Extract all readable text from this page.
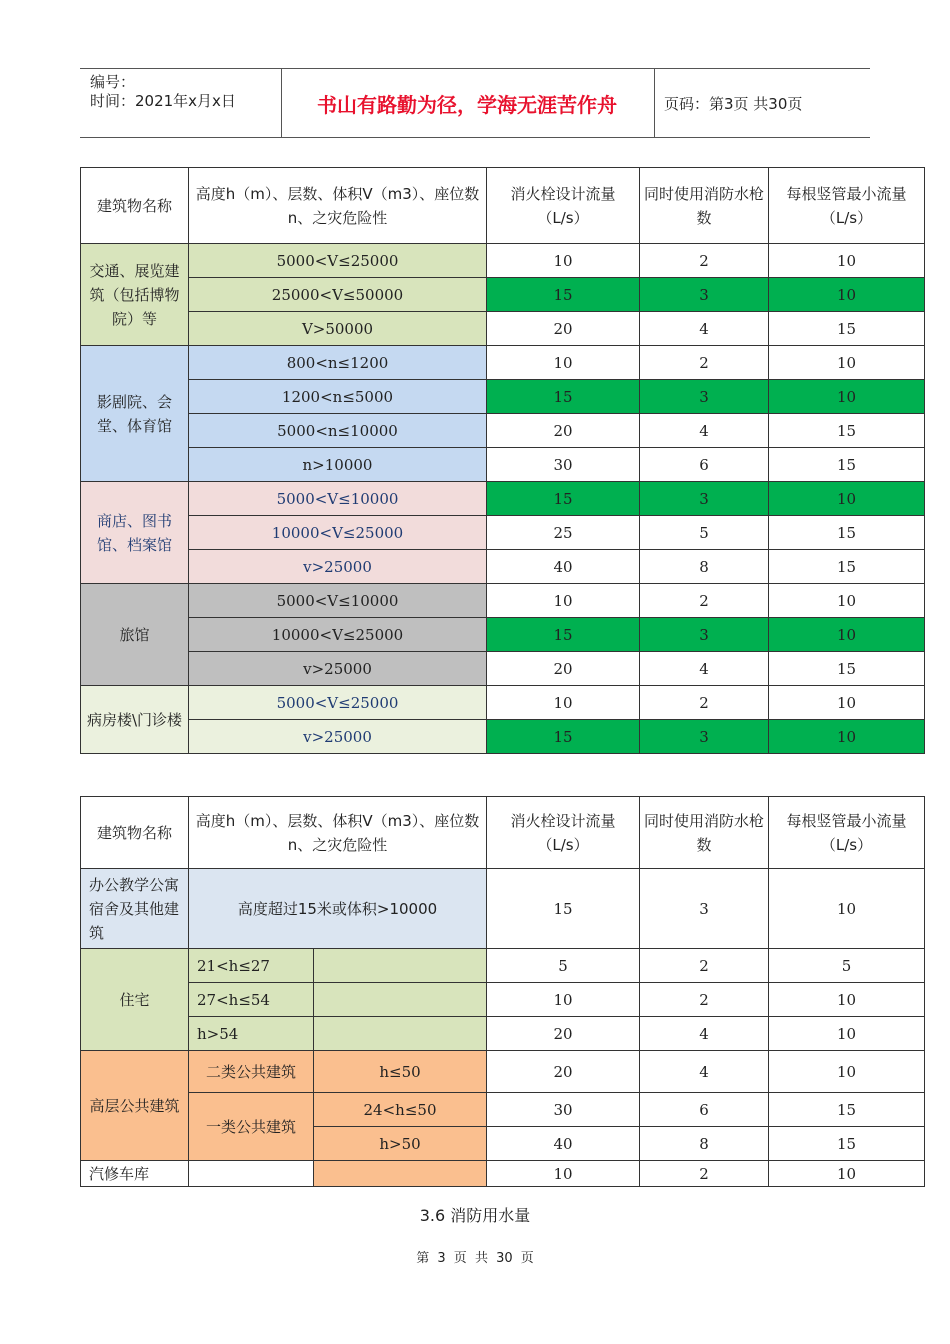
编号：
时间：2021年x月x日	书山有路勤为径，学海无涯苦作舟	页码：第3页 共30页
建筑物名称	高度h（m）、层数、体积V（m3）、座位数n、之灾危险性	消火栓设计流量（L/s）	同时使用消防水枪数	每根竖管最小流量（L/s）
交通、展览建筑（包括博物院）等	5000<V≤25000	10	2	10
	25000<V≤50000	15	3	10
	V>50000	20	4	15
影剧院、会堂、体育馆	800<n≤1200	10	2	10
	1200<n≤5000	15	3	10
	5000<n≤10000	20	4	15
	n>10000	30	6	15
商店、图书馆、档案馆	5000<V≤10000	15	3	10
	10000<V≤25000	25	5	15
	v>25000	40	8	15
旅馆	5000<V≤10000	10	2	10
	10000<V≤25000	15	3	10
	v>25000	20	4	15
病房楼\门诊楼	5000<V≤25000	10	2	10
	v>25000	15	3	10
建筑物名称	高度h（m）、层数、体积V（m3）、座位数n、之灾危险性		消火栓设计流量（L/s）	同时使用消防水枪数	每根竖管最小流量（L/s）
办公教学公寓宿舍及其他建筑	高度超过15米或体积>10000		15	3	10
住宅	21<h≤27		5	2	5
	27<h≤54		10	2	10
	h>54		20	4	10
高层公共建筑	二类公共建筑	h≤50	20	4	10
	一类公共建筑	24<h≤50	30	6	15
		h>50	40	8	15
汽修车库			10	2	10
3.6 消防用水量
第 3 页 共 30 页
